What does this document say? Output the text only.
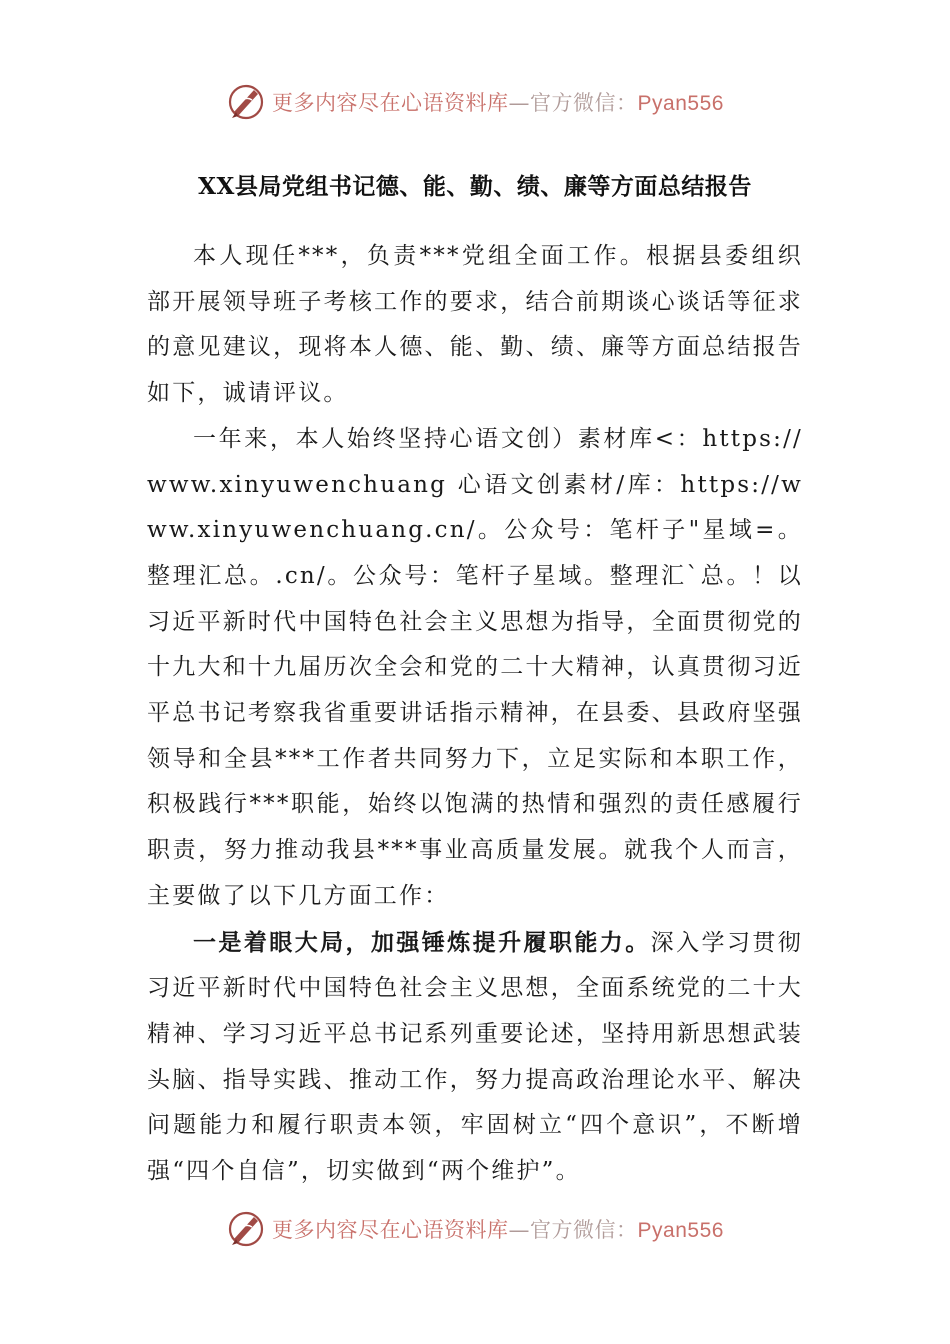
更多内容尽在心语资料库—官方微信：Pyan556
XX县局党组书记德、能、勤、绩、廉等方面总结报告

本人现任***，负责***党组全面工作。根据县委组织部开展领导班子考核工作的要求，结合前期谈心谈话等征求的意见建议，现将本人德、能、勤、绩、廉等方面总结报告如下，诚请评议。

一年来，本人始终坚持心语文创）素材库<：https://www.xinyuwenchuang 心语文创素材/库：https://www.xinyuwenchuang.cn/。公众号：笔杆子"星域=。整理汇总。.cn/。公众号：笔杆子星域。整理汇`总。！以习近平新时代中国特色社会主义思想为指导，全面贯彻党的十九大和十九届历次全会和党的二十大精神，认真贯彻习近平总书记考察我省重要讲话指示精神，在县委、县政府坚强领导和全县***工作者共同努力下，立足实际和本职工作，积极践行***职能，始终以饱满的热情和强烈的责任感履行职责，努力推动我县***事业高质量发展。就我个人而言，主要做了以下几方面工作：

一是着眼大局，加强锤炼提升履职能力。深入学习贯彻习近平新时代中国特色社会主义思想，全面系统党的二十大精神、学习习近平总书记系列重要论述，坚持用新思想武装头脑、指导实践、推动工作，努力提高政治理论水平、解决问题能力和履行职责本领，牢固树立“四个意识”，不断增强“四个自信”，切实做到“两个维护”。

更多内容尽在心语资料库—官方微信：Pyan556
